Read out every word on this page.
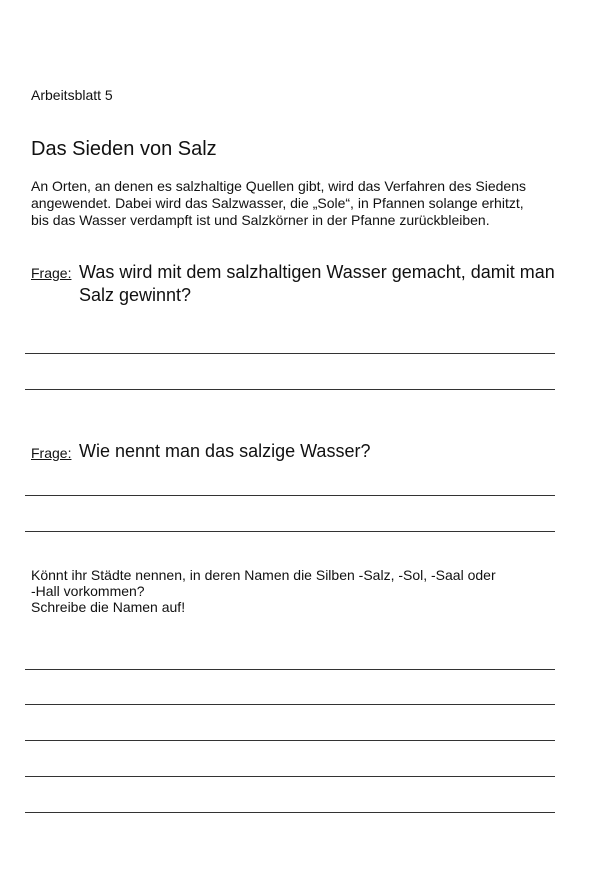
Arbeitsblatt 5
Das Sieden von Salz
An Orten, an denen es salzhaltige Quellen gibt, wird das Verfahren des Siedens
angewendet. Dabei wird das Salzwasser, die „Sole“, in Pfannen solange erhitzt,
bis das Wasser verdampft ist und Salzkörner in der Pfanne zurückbleiben.
Frage: Was wird mit dem salzhaltigen Wasser gemacht, damit man
Salz gewinnt?
Frage: Wie nennt man das salzige Wasser?
Könnt ihr Städte nennen, in deren Namen die Silben -Salz, -Sol, -Saal oder
-Hall vorkommen?
Schreibe die Namen auf!
